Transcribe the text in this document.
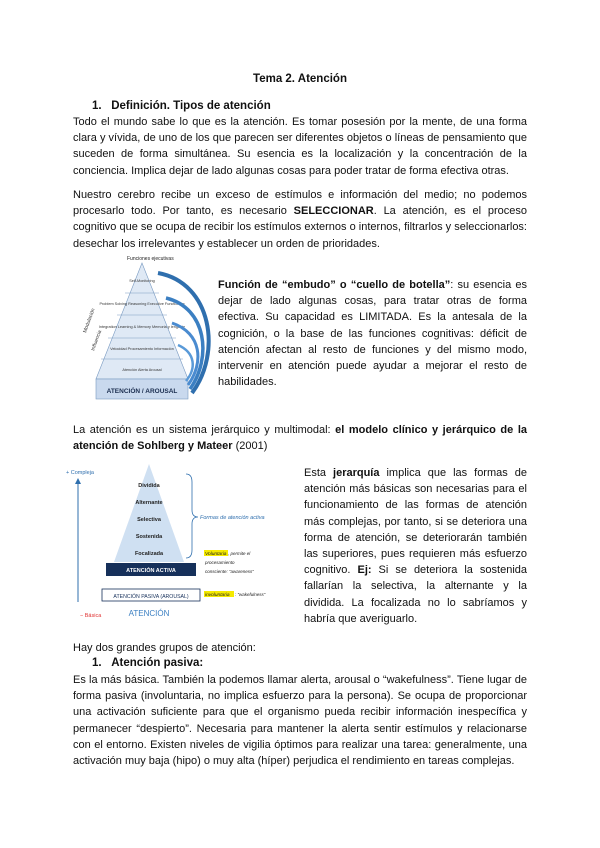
Tema 2. Atención
1. Definición. Tipos de atención
Todo el mundo sabe lo que es la atención. Es tomar posesión por la mente, de una forma clara y vívida, de uno de los que parecen ser diferentes objetos o líneas de pensamiento que suceden de forma simultánea. Su esencia es la localización y la concentración de la conciencia. Implica dejar de lado algunas cosas para poder tratar de forma efectiva otras.
Nuestro cerebro recibe un exceso de estímulos e información del medio; no podemos procesarlo todo. Por tanto, es necesario SELECCIONAR. La atención, es el proceso cognitivo que se ocupa de recibir los estímulos externos o internos, filtrarlos y seleccionarlos: desechar los irrelevantes y establecer un orden de prioridades.
Funciones ejecutivas
Self-Monitoring
Problem Solving Reasoning Executive Functioning
Integration Learning & Memory Memoria y lenguaje
Velocidad Procesamiento Información
Atención Alerta Arousal
ATENCIÓN / AROUSAL
Modulación
Influencia
Función de “embudo” o “cuello de botella”: su esencia es dejar de lado algunas cosas, para tratar otras de forma efectiva. Su capacidad es LIMITADA. Es la antesala de la cognición, o la base de las funciones cognitivas: déficit de atención afectan al resto de funciones y del mismo modo, intervenir en atención puede ayudar a mejorar el resto de habilidades.
La atención es un sistema jerárquico y multimodal: el modelo clínico y jerárquico de la atención de Sohlberg y Mateer (2001)
+ Compleja
− Básica
Dividida
Alternante
Selectiva
Sostenida
Focalizada
Formas de atención activa
ATENCIÓN ACTIVA
ATENCIÓN PASIVA (AROUSAL)
Voluntaria , permite el
procesamiento
consciente: “awareness”
involuntaria : “wakefulness”
ATENCIÓN
Esta jerarquía implica que las formas de atención más básicas son necesarias para el funcionamiento de las formas de atención más complejas, por tanto, si se deteriora una forma de atención, se deteriorarán también las superiores, pues requieren más esfuerzo cognitivo. Ej: Si se deteriora la sostenida fallarían la selectiva, la alternante y la dividida. La focalizada no lo sabríamos y habría que averiguarlo.
Hay dos grandes grupos de atención:
1. Atención pasiva:
Es la más básica. También la podemos llamar alerta, arousal o “wakefulness”. Tiene lugar de forma pasiva (involuntaria, no implica esfuerzo para la persona). Se ocupa de proporcionar una activación suficiente para que el organismo pueda recibir información inespecífica y permanecer “despierto”. Necesaria para mantener la alerta sentir estímulos y relacionarse con el entorno. Existen niveles de vigilia óptimos para realizar una tarea: generalmente, una activación muy baja (hipo) o muy alta (híper) perjudica el rendimiento en tareas complejas.
